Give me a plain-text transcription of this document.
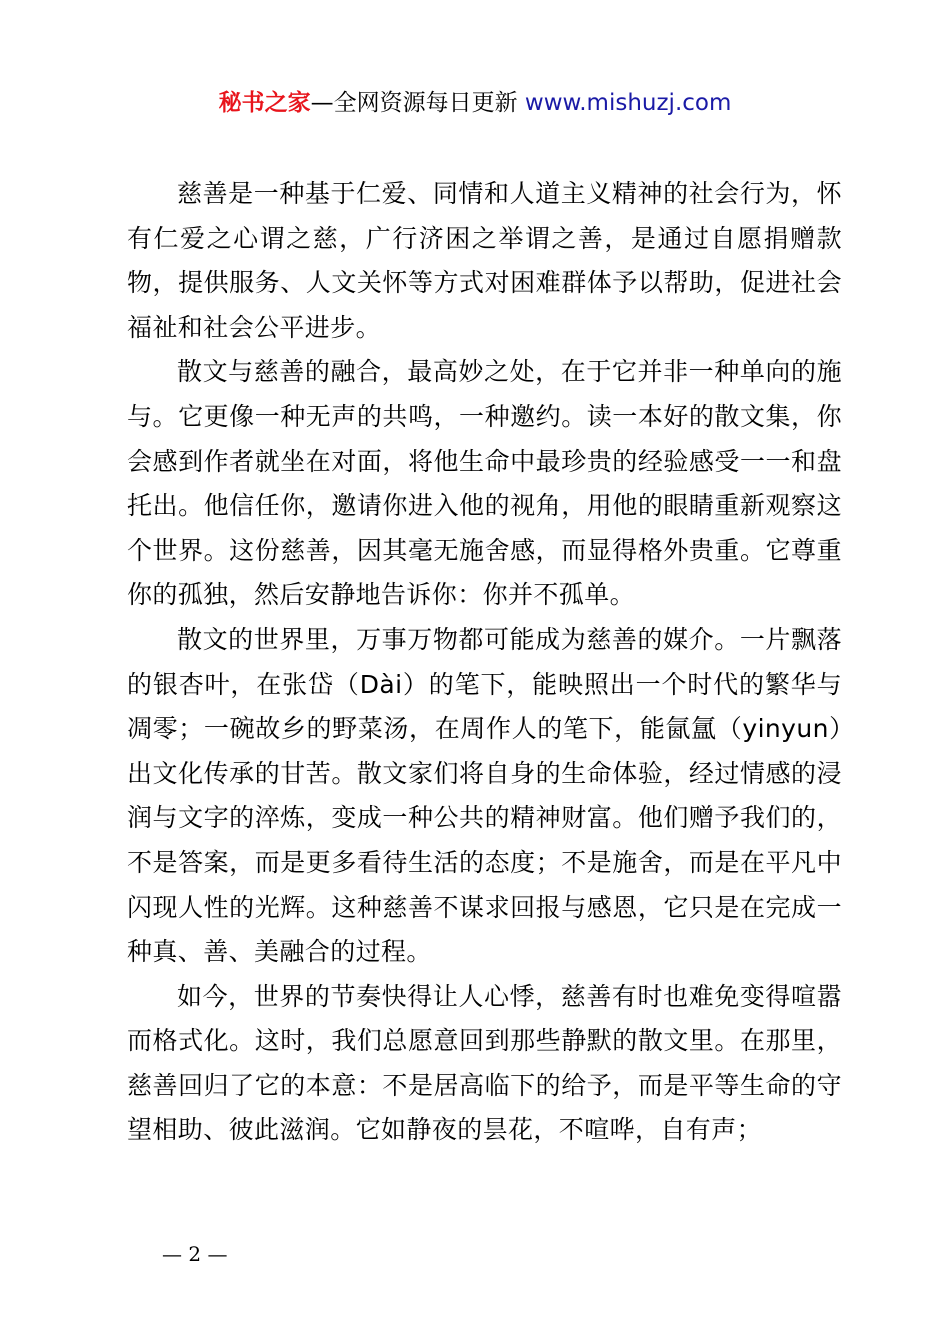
秘书之家—全网资源每日更新 www.mishuzj.com

慈善是一种基于仁爱、同情和人道主义精神的社会行为，怀有仁爱之心谓之慈，广行济困之举谓之善，是通过自愿捐赠款物，提供服务、人文关怀等方式对困难群体予以帮助，促进社会福祉和社会公平进步。

散文与慈善的融合，最高妙之处，在于它并非一种单向的施与。它更像一种无声的共鸣，一种邀约。读一本好的散文集，你会感到作者就坐在对面，将他生命中最珍贵的经验感受一一和盘托出。他信任你，邀请你进入他的视角，用他的眼睛重新观察这个世界。这份慈善，因其毫无施舍感，而显得格外贵重。它尊重你的孤独，然后安静地告诉你：你并不孤单。

散文的世界里，万事万物都可能成为慈善的媒介。一片飘落的银杏叶，在张岱（Dài）的笔下，能映照出一个时代的繁华与凋零；一碗故乡的野菜汤，在周作人的笔下，能氤氲（yinyun）出文化传承的甘苦。散文家们将自身的生命体验，经过情感的浸润与文字的淬炼，变成一种公共的精神财富。他们赠予我们的，不是答案，而是更多看待生活的态度；不是施舍，而是在平凡中闪现人性的光辉。这种慈善不谋求回报与感恩，它只是在完成一种真、善、美融合的过程。

如今，世界的节奏快得让人心悸，慈善有时也难免变得喧嚣而格式化。这时，我们总愿意回到那些静默的散文里。在那里，慈善回归了它的本意：不是居高临下的给予，而是平等生命的守望相助、彼此滋润。它如静夜的昙花，不喧哗，自有声；

— 2 —
